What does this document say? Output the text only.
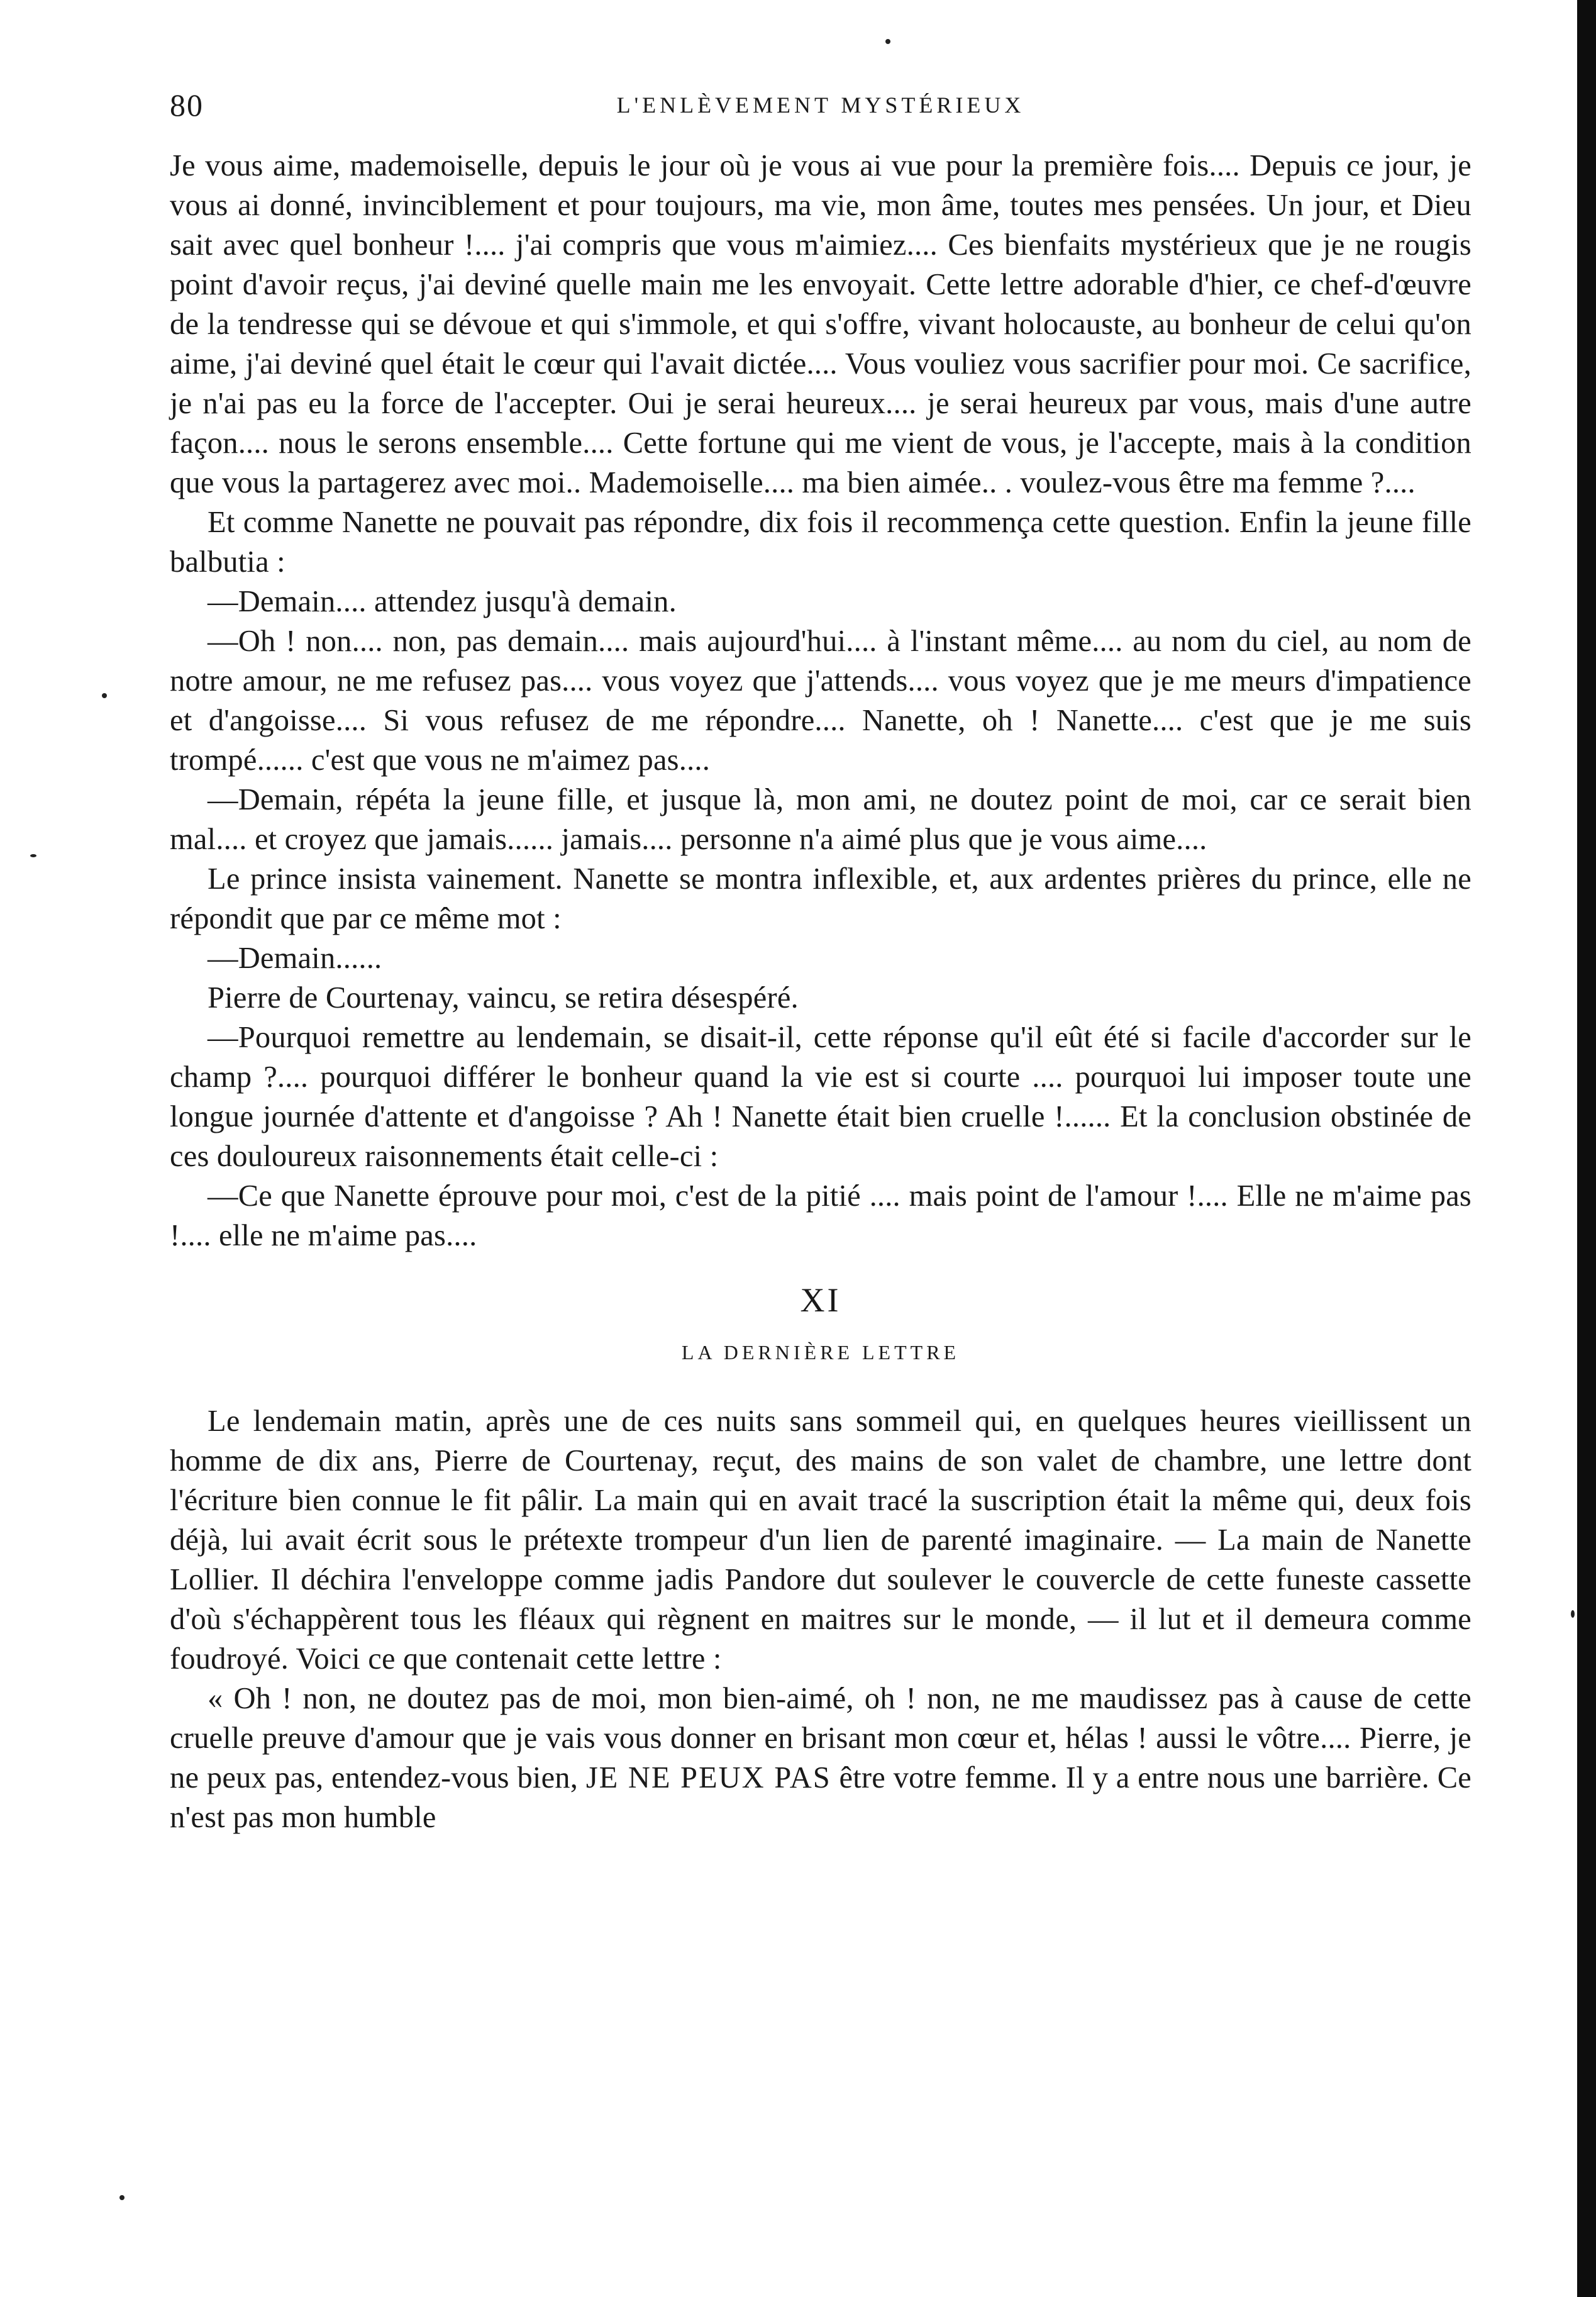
80	L'ENLÈVEMENT MYSTÉRIEUX

Je vous aime, mademoiselle, depuis le jour où je vous ai vue pour la première fois.... Depuis ce jour, je vous ai donné, invinciblement et pour toujours, ma vie, mon âme, toutes mes pensées. Un jour, et Dieu sait avec quel bonheur !.... j'ai compris que vous m'aimiez.... Ces bienfaits mystérieux que je ne rougis point d'avoir reçus, j'ai deviné quelle main me les envoyait. Cette lettre adorable d'hier, ce chef-d'œuvre de la tendresse qui se dévoue et qui s'immole, et qui s'offre, vivant holocauste, au bonheur de celui qu'on aime, j'ai deviné quel était le cœur qui l'avait dictée.... Vous vouliez vous sacrifier pour moi. Ce sacrifice, je n'ai pas eu la force de l'accepter. Oui je serai heureux.... je serai heureux par vous, mais d'une autre façon.... nous le serons ensemble.... Cette fortune qui me vient de vous, je l'accepte, mais à la condition que vous la partagerez avec moi.. Mademoiselle.... ma bien aimée.. . voulez-vous être ma femme ?....

Et comme Nanette ne pouvait pas répondre, dix fois il recommença cette question. Enfin la jeune fille balbutia :

—Demain.... attendez jusqu'à demain.

—Oh ! non.... non, pas demain.... mais aujourd'hui.... à l'instant même.... au nom du ciel, au nom de notre amour, ne me refusez pas.... vous voyez que j'attends.... vous voyez que je me meurs d'impatience et d'angoisse.... Si vous refusez de me répondre.... Nanette, oh ! Nanette.... c'est que je me suis trompé...... c'est que vous ne m'aimez pas....

—Demain, répéta la jeune fille, et jusque là, mon ami, ne doutez point de moi, car ce serait bien mal.... et croyez que jamais...... jamais.... personne n'a aimé plus que je vous aime....

Le prince insista vainement. Nanette se montra inflexible, et, aux ardentes prières du prince, elle ne répondit que par ce même mot :

—Demain......

Pierre de Courtenay, vaincu, se retira désespéré.

—Pourquoi remettre au lendemain, se disait-il, cette réponse qu'il eût été si facile d'accorder sur le champ ?.... pourquoi différer le bonheur quand la vie est si courte .... pourquoi lui imposer toute une longue journée d'attente et d'angoisse ? Ah ! Nanette était bien cruelle !...... Et la conclusion obstinée de ces douloureux raisonnements était celle-ci :

—Ce que Nanette éprouve pour moi, c'est de la pitié .... mais point de l'amour !.... Elle ne m'aime pas !.... elle ne m'aime pas....

XI
LA DERNIÈRE LETTRE

Le lendemain matin, après une de ces nuits sans sommeil qui, en quelques heures vieillissent un homme de dix ans, Pierre de Courtenay, reçut, des mains de son valet de chambre, une lettre dont l'écriture bien connue le fit pâlir. La main qui en avait tracé la suscription était la même qui, deux fois déjà, lui avait écrit sous le prétexte trompeur d'un lien de parenté imaginaire. — La main de Nanette Lollier. Il déchira l'enveloppe comme jadis Pandore dut soulever le couvercle de cette funeste cassette d'où s'échappèrent tous les fléaux qui règnent en maitres sur le monde, — il lut et il demeura comme foudroyé. Voici ce que contenait cette lettre :

« Oh ! non, ne doutez pas de moi, mon bien-aimé, oh ! non, ne me maudissez pas à cause de cette cruelle preuve d'amour que je vais vous donner en brisant mon cœur et, hélas ! aussi le vôtre.... Pierre, je ne peux pas, entendez-vous bien, JE NE PEUX PAS être votre femme. Il y a entre nous une barrière. Ce n'est pas mon humble
